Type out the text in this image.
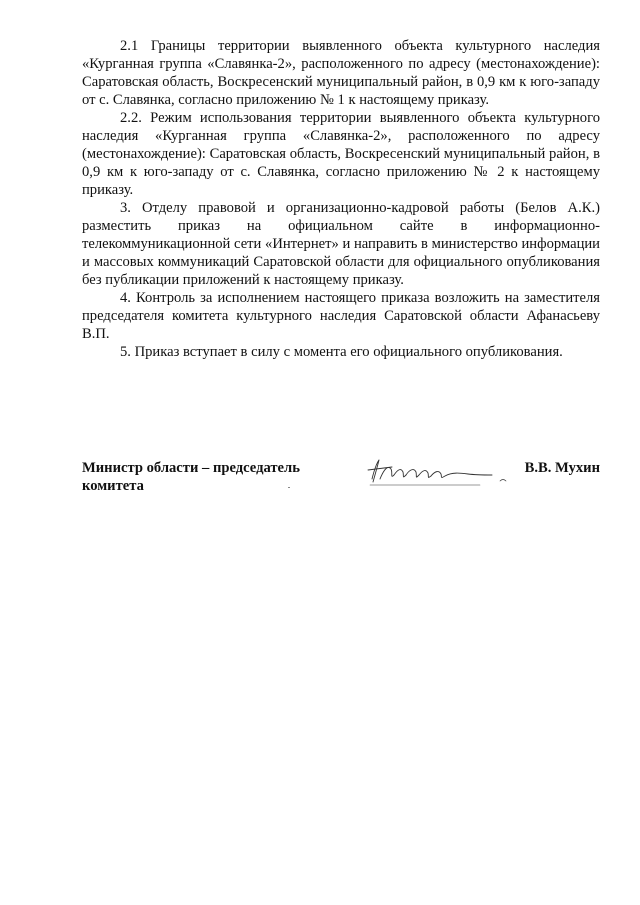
2.1 Границы территории выявленного объекта культурного наследия «Курганная группа «Славянка-2», расположенного по адресу (местонахождение): Саратовская область, Воскресенский муниципальный район, в 0,9 км к юго-западу от с. Славянка, согласно приложению № 1 к настоящему приказу.

2.2. Режим использования территории выявленного объекта культурного наследия «Курганная группа «Славянка-2», расположенного по адресу (местонахождение): Саратовская область, Воскресенский муниципальный район, в 0,9 км к юго-западу от с. Славянка, согласно приложению № 2 к настоящему приказу.

3. Отделу правовой и организационно-кадровой работы (Белов А.К.) разместить приказ на официальном сайте в информационно-телекоммуникационной сети «Интернет» и направить в министерство информации и массовых коммуникаций Саратовской области для официального опубликования без публикации приложений к настоящему приказу.

4. Контроль за исполнением настоящего приказа возложить на заместителя председателя комитета культурного наследия Саратовской области Афанасьеву В.П.

5. Приказ вступает в силу с момента его официального опубликования.

Министр области – председатель комитета
В.В. Мухин
